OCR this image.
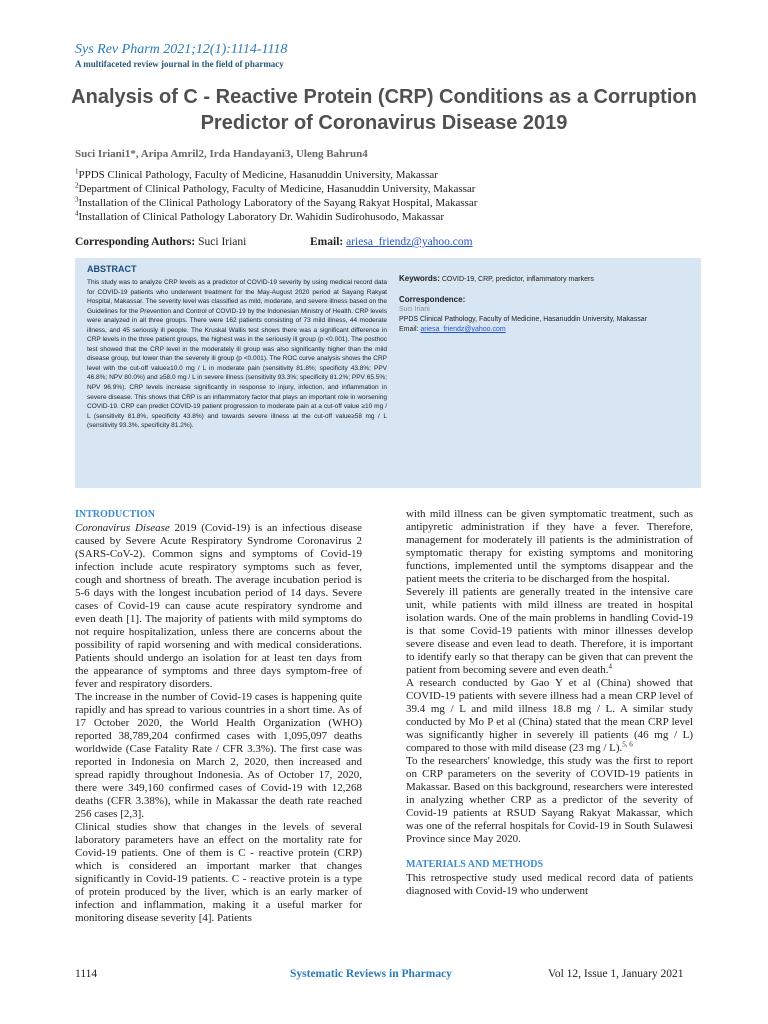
Sys Rev Pharm 2021;12(1):1114-1118
A multifaceted review journal in the field of pharmacy
Analysis of C - Reactive Protein (CRP) Conditions as a Corruption
Predictor of Coronavirus Disease 2019
Suci Iriani1*, Aripa Amril2, Irda Handayani3, Uleng Bahrun4
$^1$PPDS Clinical Pathology, Faculty of Medicine, Hasanuddin University, Makassar
$^2$Department of Clinical Pathology, Faculty of Medicine, Hasanuddin University, Makassar
$^3$Installation of the Clinical Pathology Laboratory of the Sayang Rakyat Hospital, Makassar
$^4$Installation of Clinical Pathology Laboratory Dr. Wahidin Sudirohusodo, Makassar
Corresponding Authors: Suci Iriani	Email: ariesa_friendz@yahoo.com
ABSTRACT
This study was to analyze CRP levels as a predictor of COVID-19 severity by using medical record data for COVID-19 patients who underwent treatment for the May-August 2020 period at Sayang Rakyat Hospital, Makassar. The severity level was classified as mild, moderate, and severe illness based on the Guidelines for the Prevention and Control of COVID-19 by the Indonesian Ministry of Health. CRP levels were analyzed in all three groups. There were 162 patients consisting of 73 mild illness, 44 moderate illness, and 45 seriously ill people. The Kruskal Wallis test shows there was a significant difference in CRP levels in the three patient groups, the highest was in the seriously ill group (p <0.001). The posthoc test showed that the CRP level in the moderately ill group was also significantly higher than the mild disease group, but lower than the severely ill group (p <0.001). The ROC curve analysis shows the CRP level with the cut-off value≥10.0 mg / L in moderate pain (sensitivity 81.8%; specificity 43.8%; PPV 46.8%; NPV 80.0%) and ≥58.0 mg / L in severe illness (sensitivity 93.3%; specificity 81.2%; PPV 65.5%; NPV 96.9%). CRP levels increase significantly in response to injury, infection, and inflammation in severe disease. This shows that CRP is an inflammatory factor that plays an important role in worsening COVID-19. CRP can predict COVID-19 patient progression to moderate pain at a cut-off value ≥10 mg / L (sensitivity 81.8%, specificity 43.8%) and towards severe illness at the cut-off value≥58 mg / L (sensitivity 93.3%, specificity 81.2%).
Keywords: COVID-19, CRP, predictor, inflammatory markers
Correspondence:
Suci Iriani
PPDS Clinical Pathology, Faculty of Medicine, Hasanuddin University, Makassar
Email: ariesa_friendz@yahoo.com

INTRODUCTION

Coronavirus Disease 2019 (Covid-19) is an infectious disease caused by Severe Acute Respiratory Syndrome Coronavirus 2 (SARS-CoV-2). Common signs and symptoms of Covid-19 infection include acute respiratory symptoms such as fever, cough and shortness of breath. The average incubation period is 5-6 days with the longest incubation period of 14 days. Severe cases of Covid-19 can cause acute respiratory syndrome and even death [1]. The majority of patients with mild symptoms do not require hospitalization, unless there are concerns about the possibility of rapid worsening and with medical considerations. Patients should undergo an isolation for at least ten days from the appearance of symptoms and three days symptom-free of fever and respiratory disorders.

The increase in the number of Covid-19 cases is happening quite rapidly and has spread to various countries in a short time. As of 17 October 2020, the World Health Organization (WHO) reported 38,789,204 confirmed cases with 1,095,097 deaths worldwide (Case Fatality Rate / CFR 3.3%). The first case was reported in Indonesia on March 2, 2020, then increased and spread rapidly throughout Indonesia. As of October 17, 2020, there were 349,160 confirmed cases of Covid-19 with 12,268 deaths (CFR 3.38%), while in Makassar the death rate reached 256 cases [2,3].

Clinical studies show that changes in the levels of several laboratory parameters have an effect on the mortality rate for Covid-19 patients. One of them is C - reactive protein (CRP) which is considered an important marker that changes significantly in Covid-19 patients. C - reactive protein is a type of protein produced by the liver, which is an early marker of infection and inflammation, making it a useful marker for monitoring disease severity [4]. Patients

with mild illness can be given symptomatic treatment, such as antipyretic administration if they have a fever. Therefore, management for moderately ill patients is the administration of symptomatic therapy for existing symptoms and monitoring functions, implemented until the symptoms disappear and the patient meets the criteria to be discharged from the hospital.

Severely ill patients are generally treated in the intensive care unit, while patients with mild illness are treated in hospital isolation wards. One of the main problems in handling Covid-19 is that some Covid-19 patients with minor illnesses develop severe disease and even lead to death. Therefore, it is important to identify early so that therapy can be given that can prevent the patient from becoming severe and even death.$^4$

A research conducted by Gao Y et al (China) showed that COVID-19 patients with severe illness had a mean CRP level of 39.4 mg / L and mild illness 18.8 mg / L. A similar study conducted by Mo P et al (China) stated that the mean CRP level was significantly higher in severely ill patients (46 mg / L) compared to those with mild disease (23 mg / L).$^{5, 6}$

To the researchers' knowledge, this study was the first to report on CRP parameters on the severity of COVID-19 patients in Makassar. Based on this background, researchers were interested in analyzing whether CRP as a predictor of the severity of Covid-19 patients at RSUD Sayang Rakyat Makassar, which was one of the referral hospitals for Covid-19 in South Sulawesi Province since May 2020.

MATERIALS AND METHODS

This retrospective study used medical record data of patients diagnosed with Covid-19 who underwent

1114	Systematic Reviews in Pharmacy	Vol 12, Issue 1, January 2021
